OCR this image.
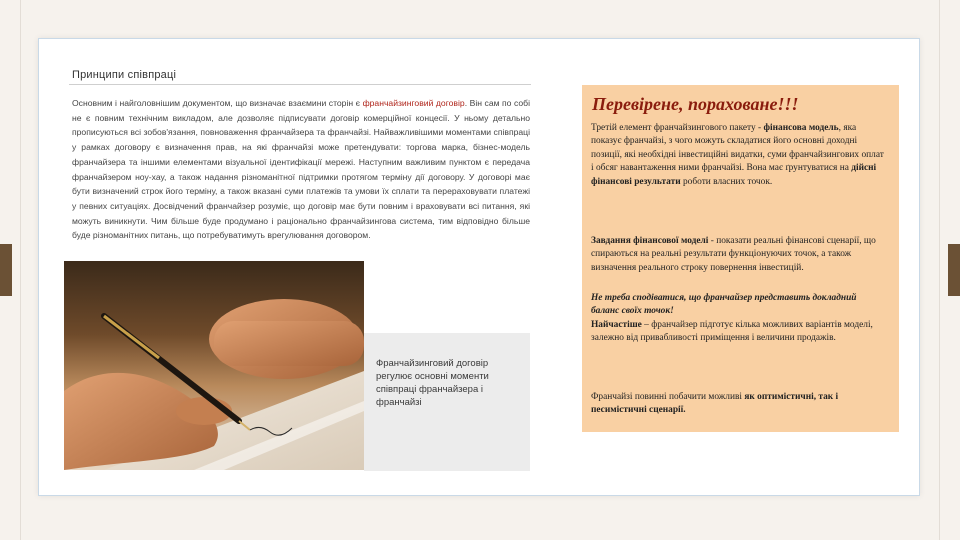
Принципи співпраці
Основним і найголовнішим документом, що визначає взаємини сторін є франчайзинговий договір. Він сам по собі не є повним технічним викладом, але дозволяє підписувати договір комерційної концесії. У ньому детально прописуються всі зобов'язання, повноваження франчайзера та франчайзі. Найважливішими моментами співпраці у рамках договору є визначення прав, на які франчайзі може претендувати: торгова марка, бізнес-модель франчайзера та іншими елементами візуальної ідентифікації мережі. Наступним важливим пунктом є передача франчайзером ноу-хау, а також надання різноманітної підтримки протягом терміну дії договору. У договорі має бути визначений строк його терміну, а також вказані суми платежів та умови їх сплати та перераховувати платежі у певних ситуаціях. Досвідчений франчайзер розуміє, що договір має бути повним і враховувати всі питання, які можуть виникнути. Чим більше буде продумано і раціонально франчайзингова система, тим відповідно більше буде різноманітних питань, що потребуватимуть врегулювання договором.
Франчайзинговий договір регулює основні моменти співпраці франчайзера і франчайзі
Перевірене, пораховане!!!
Третій елемент франчайзингового пакету - фінансова модель, яка показує франчайзі, з чого можуть складатися його основні доходні позиції, які необхідні інвестиційні видатки, суми франчайзингових оплат і обсяг навантаження ними франчайзі. Вона має ґрунтуватися на дійсні фінансові результати роботи власних точок.
Завдання фінансової моделі - показати реальні фінансові сценарії, що спираються на реальні результати функціонуючих точок, а також визначення реального строку повернення інвестицій.
Не треба сподіватися, що франчайзер представить докладний баланс своїх точок!
Найчастіше – франчайзер підготує кілька можливих варіантів моделі, залежно від привабливості приміщення і величини продажів.
Франчайзі повинні побачити можливі як оптимістичні, так і песимістичні сценарії.
